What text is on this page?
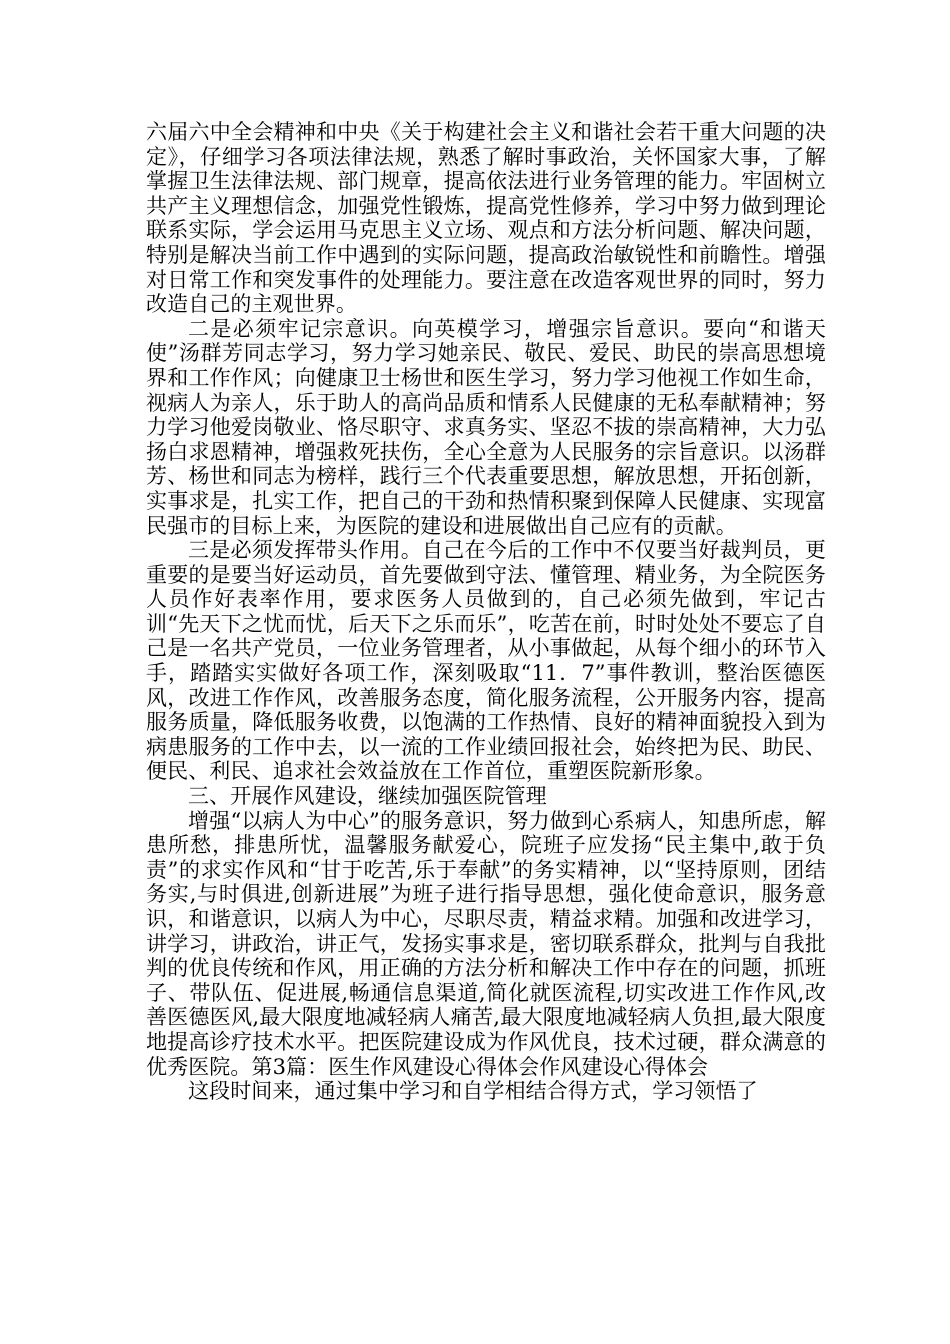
六届六中全会精神和中央《关于构建社会主义和谐社会若干重大问题的决定》，仔细学习各项法律法规，熟悉了解时事政治，关怀国家大事，了解掌握卫生法律法规、部门规章，提高依法进行业务管理的能力。牢固树立共产主义理想信念，加强党性锻炼，提高党性修养，学习中努力做到理论联系实际，学会运用马克思主义立场、观点和方法分析问题、解决问题，特别是解决当前工作中遇到的实际问题，提高政治敏锐性和前瞻性。增强对日常工作和突发事件的处理能力。要注意在改造客观世界的同时，努力改造自己的主观世界。

二是必须牢记宗意识。向英模学习，增强宗旨意识。要向“和谐天使”汤群芳同志学习，努力学习她亲民、敬民、爱民、助民的崇高思想境界和工作作风；向健康卫士杨世和医生学习，努力学习他视工作如生命，视病人为亲人，乐于助人的高尚品质和情系人民健康的无私奉献精神；努力学习他爱岗敬业、恪尽职守、求真务实、坚忍不拔的崇高精神，大力弘扬白求恩精神，增强救死扶伤，全心全意为人民服务的宗旨意识。以汤群芳、杨世和同志为榜样，践行三个代表重要思想，解放思想，开拓创新，实事求是，扎实工作，把自己的干劲和热情积聚到保障人民健康、实现富民强市的目标上来，为医院的建设和进展做出自己应有的贡献。

三是必须发挥带头作用。自己在今后的工作中不仅要当好裁判员，更重要的是要当好运动员，首先要做到守法、懂管理、精业务，为全院医务人员作好表率作用，要求医务人员做到的，自己必须先做到，牢记古训“先天下之忧而忧，后天下之乐而乐”，吃苦在前，时时处处不要忘了自己是一名共产党员，一位业务管理者，从小事做起，从每个细小的环节入手，踏踏实实做好各项工作，深刻吸取“11．7”事件教训，整治医德医风，改进工作作风，改善服务态度，简化服务流程，公开服务内容，提高服务质量，降低服务收费，以饱满的工作热情、良好的精神面貌投入到为病患服务的工作中去，以一流的工作业绩回报社会，始终把为民、助民、便民、利民、追求社会效益放在工作首位，重塑医院新形象。

三、开展作风建设，继续加强医院管理

增强“以病人为中心”的服务意识，努力做到心系病人，知患所虑，解患所愁，排患所忧，温馨服务献爱心，院班子应发扬“民主集中,敢于负责”的求实作风和“甘于吃苦,乐于奉献”的务实精神，以“坚持原则，团结务实,与时俱进,创新进展”为班子进行指导思想，强化使命意识，服务意识，和谐意识，以病人为中心，尽职尽责，精益求精。加强和改进学习，讲学习，讲政治，讲正气，发扬实事求是，密切联系群众，批判与自我批判的优良传统和作风，用正确的方法分析和解决工作中存在的问题，抓班子、带队伍、促进展,畅通信息渠道,简化就医流程,切实改进工作作风,改善医德医风,最大限度地减轻病人痛苦,最大限度地减轻病人负担,最大限度地提高诊疗技术水平。把医院建设成为作风优良，技术过硬，群众满意的优秀医院。第3篇：医生作风建设心得体会作风建设心得体会

这段时间来，通过集中学习和自学相结合得方式，学习领悟了
